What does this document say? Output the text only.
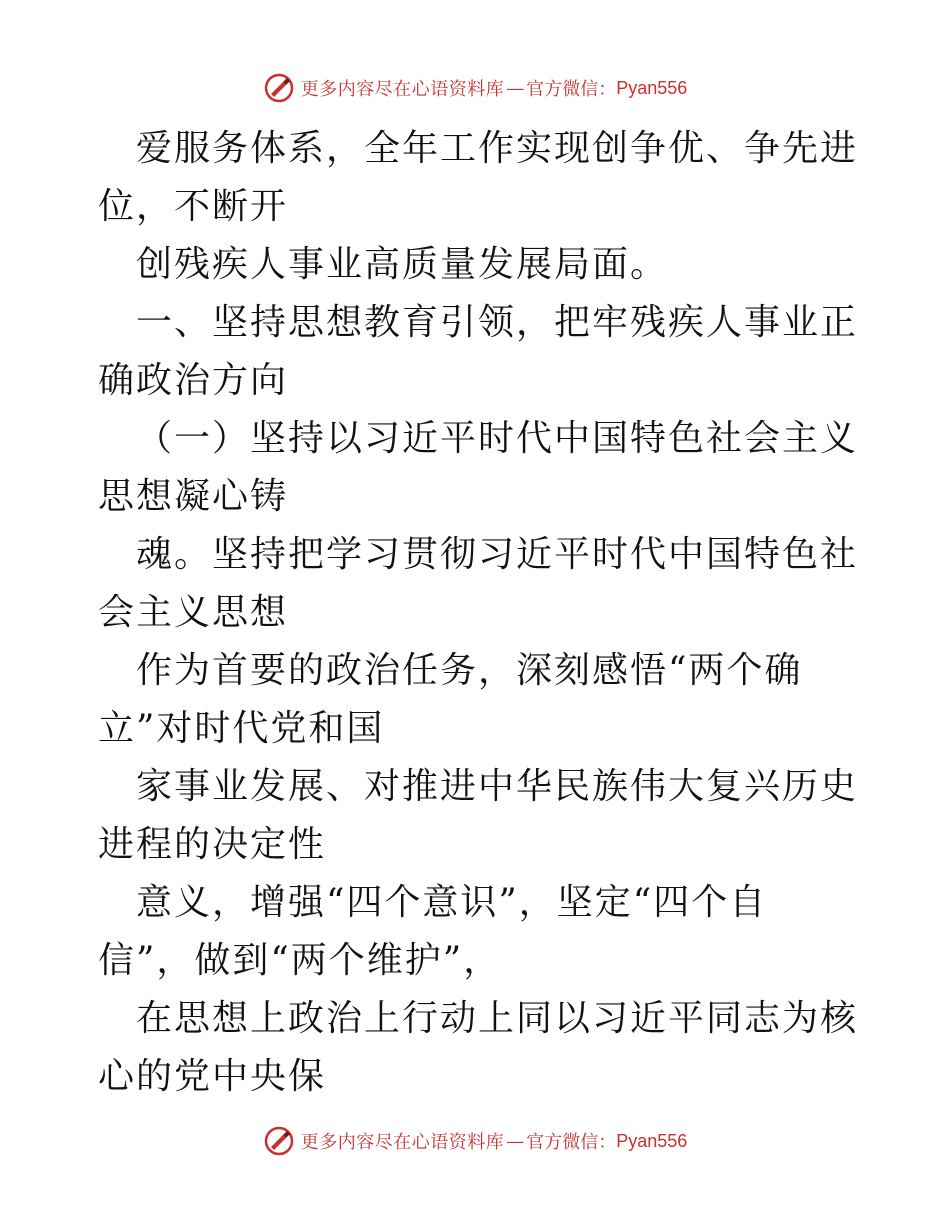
更多内容尽在心语资料库 — 官方微信： Pyan556

爱服务体系，全年工作实现创争优、争先进位，不断开

创残疾人事业高质量发展局面。

一、坚持思想教育引领，把牢残疾人事业正确政治方向

（一）坚持以习近平时代中国特色社会主义思想凝心铸

魂。坚持把学习贯彻习近平时代中国特色社会主义思想

作为首要的政治任务，深刻感悟“两个确立”对时代党和国

家事业发展、对推进中华民族伟大复兴历史进程的决定性

意义，增强“四个意识”，坚定“四个自信”，做到“两个维护”，

在思想上政治上行动上同以习近平同志为核心的党中央保

更多内容尽在心语资料库 — 官方微信： Pyan556
